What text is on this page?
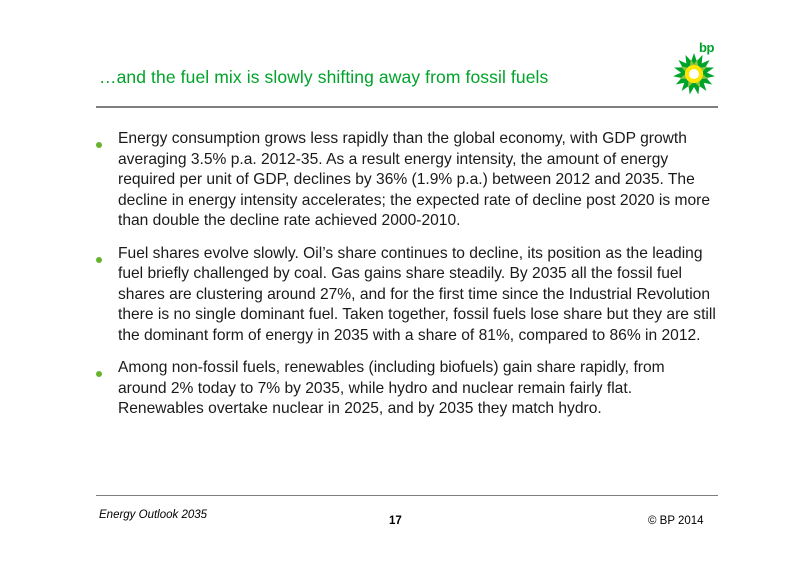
…and the fuel mix is slowly shifting away from fossil fuels
bp
Energy consumption grows less rapidly than the global economy, with GDP growth averaging 3.5% p.a. 2012-35. As a result energy intensity, the amount of energy required per unit of GDP, declines by 36% (1.9% p.a.) between 2012 and 2035. The decline in energy intensity accelerates; the expected rate of decline post 2020 is more than double the decline rate achieved 2000-2010.
Fuel shares evolve slowly. Oil’s share continues to decline, its position as the leading fuel briefly challenged by coal. Gas gains share steadily. By 2035 all the fossil fuel shares are clustering around 27%, and for the first time since the Industrial Revolution there is no single dominant fuel. Taken together, fossil fuels lose share but they are still the dominant form of energy in 2035 with a share of 81%, compared to 86% in 2012.
Among non-fossil fuels, renewables (including biofuels) gain share rapidly, from around 2% today to 7% by 2035, while hydro and nuclear remain fairly flat. Renewables overtake nuclear in 2025, and by 2035 they match hydro.
Energy Outlook 2035	17	© BP 2014
